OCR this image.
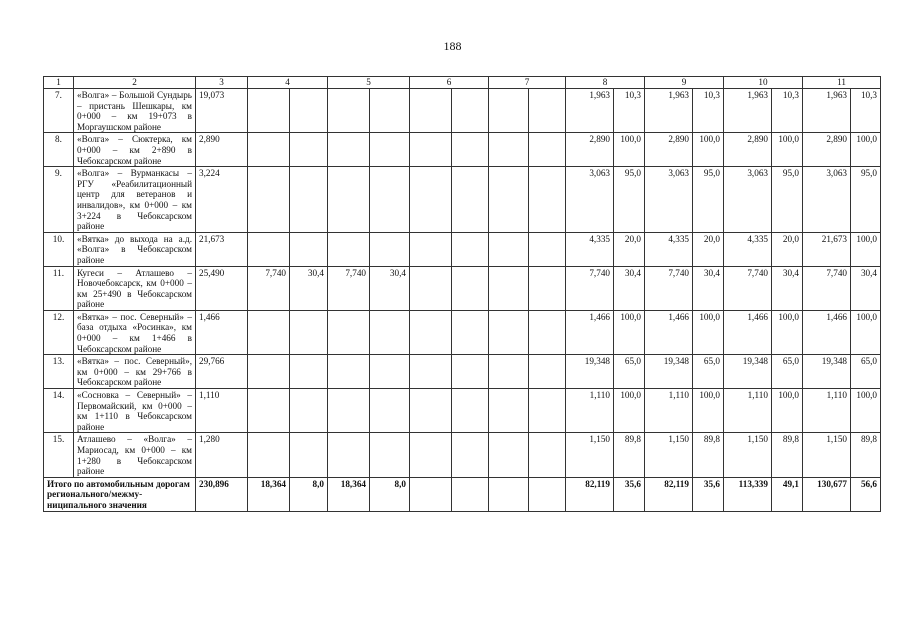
188
1	2	3	4		5		6		7		8		9		10		11	
7.	«Волга» – Большой Сундырь – пристань Шешкары, км 0+000 – км 19+073 в Моргаушском районе	19,073									1,963	10,3	1,963	10,3	1,963	10,3	1,963	10,3
8.	«Волга» – Сюктерка, км 0+000 – км 2+890 в Чебоксарском районе	2,890									2,890	100,0	2,890	100,0	2,890	100,0	2,890	100,0
9.	«Волга» – Вурманкасы – РГУ «Реабилитационный центр для ветеранов и инвалидов», км 0+000 – км 3+224 в Чебоксарском районе	3,224									3,063	95,0	3,063	95,0	3,063	95,0	3,063	95,0
10.	«Вятка» до выхода на а.д. «Волга» в Чебоксарском районе	21,673									4,335	20,0	4,335	20,0	4,335	20,0	21,673	100,0
11.	Кугеси – Атлашево – Новочебоксарск, км 0+000 – км 25+490 в Чебоксарском районе	25,490	7,740	30,4	7,740	30,4					7,740	30,4	7,740	30,4	7,740	30,4	7,740	30,4
12.	«Вятка» – пос. Северный» – база отдыха «Росинка», км 0+000 – км 1+466 в Чебоксарском районе	1,466									1,466	100,0	1,466	100,0	1,466	100,0	1,466	100,0
13.	«Вятка» – пос. Северный», км 0+000 – км 29+766 в Чебоксарском районе	29,766									19,348	65,0	19,348	65,0	19,348	65,0	19,348	65,0
14.	«Сосновка – Северный» – Первомайский, км 0+000 – км 1+110 в Чебоксарском районе	1,110									1,110	100,0	1,110	100,0	1,110	100,0	1,110	100,0
15.	Атлашево – «Волга» – Мариосад, км 0+000 – км 1+280 в Чебоксарском районе	1,280									1,150	89,8	1,150	89,8	1,150	89,8	1,150	89,8
Итого по автомобильным дорогам регионального/межмуниципального значения		230,896	18,364	8,0	18,364	8,0					82,119	35,6	82,119	35,6	113,339	49,1	130,677	56,6
